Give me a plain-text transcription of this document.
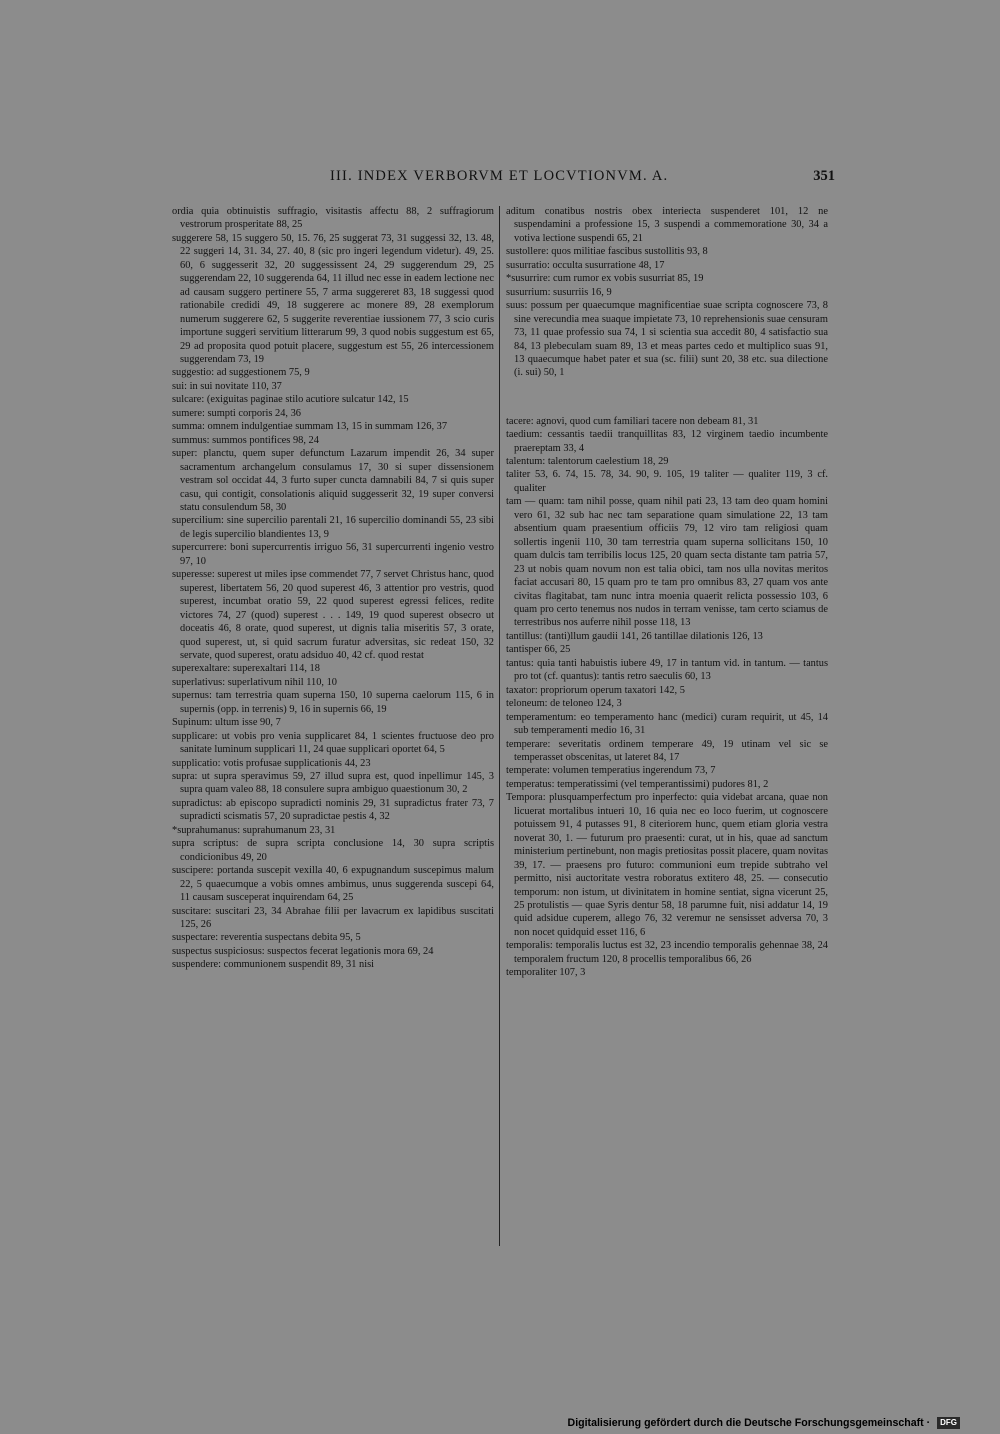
III. INDEX VERBORVM ET LOCVTIONVM. A.	351

ordia quia obtinuistis suffragio, visitastis affectu 88, 2 suffragiorum vestrorum prosperitate 88, 25

suggerere 58, 15 suggero 50, 15. 76, 25 suggerat 73, 31 suggessi 32, 13. 48, 22 suggeri 14, 31. 34, 27. 40, 8 (sic pro ingeri legendum videtur). 49, 25. 60, 6 suggesserit 32, 20 suggessissent 24, 29 suggerendum 29, 25 suggerendam 22, 10 suggerenda 64, 11 illud nec esse in eadem lectione nec ad causam suggero pertinere 55, 7 arma suggereret 83, 18 suggessi quod rationabile credidi 49, 18 suggerere ac monere 89, 28 exemplorum numerum suggerere 62, 5 suggerite reverentiae iussionem 77, 3 scio curis importune suggeri servitium litterarum 99, 3 quod nobis suggestum est 65, 29 ad proposita quod potuit placere, suggestum est 55, 26 intercessionem suggerendam 73, 19

suggestio: ad suggestionem 75, 9

sui: in sui novitate 110, 37

sulcare: (exiguitas paginae stilo acutiore sulcatur 142, 15

sumere: sumpti corporis 24, 36

summa: omnem indulgentiae summam 13, 15 in summam 126, 37

summus: summos pontifices 98, 24

super: planctu, quem super defunctum Lazarum impendit 26, 34 super sacramentum archangelum consulamus 17, 30 si super dissensionem vestram sol occidat 44, 3 furto super cuncta damnabili 84, 7 si quis super casu, qui contigit, consolationis aliquid suggesserit 32, 19 super conversi statu consulendum 58, 30

supercilium: sine supercilio parentali 21, 16 supercilio dominandi 55, 23 sibi de legis supercilio blandientes 13, 9

supercurrere: boni supercurrentis irriguo 56, 31 supercurrenti ingenio vestro 97, 10

superesse: superest ut miles ipse commendet 77, 7 servet Christus hanc, quod superest, libertatem 56, 20 quod superest 46, 3 attentior pro vestris, quod superest, incumbat oratio 59, 22 quod superest egressi felices, redite victores 74, 27 (quod) superest . . . 149, 19 quod superest obsecro ut doceatis 46, 8 orate, quod superest, ut dignis talia miseritis 57, 3 orate, quod superest, ut, si quid sacrum furatur adversitas, sic redeat 150, 32 servate, quod superest, oratu adsiduo 40, 42 cf. quod restat

superexaltare: superexaltari 114, 18

superlativus: superlativum nihil 110, 10

supernus: tam terrestria quam superna 150, 10 superna caelorum 115, 6 in supernis (opp. in terrenis) 9, 16 in supernis 66, 19

Supinum: ultum isse 90, 7

supplicare: ut vobis pro venia supplicaret 84, 1 scientes fructuose deo pro sanitate luminum supplicari 11, 24 quae supplicari oportet 64, 5

supplicatio: votis profusae supplicationis 44, 23

supra: ut supra speravimus 59, 27 illud supra est, quod inpellimur 145, 3 supra quam valeo 88, 18 consulere supra ambiguo quaestionum 30, 2

supradictus: ab episcopo supradicti nominis 29, 31 supradictus frater 73, 7 supradicti scismatis 57, 20 supradictae pestis 4, 32

*suprahumanus: suprahumanum 23, 31

supra scriptus: de supra scripta conclusione 14, 30 supra scriptis condicionibus 49, 20

suscipere: portanda suscepit vexilla 40, 6 expugnandum suscepimus malum 22, 5 quaecumque a vobis omnes ambimus, unus suggerenda suscepi 64, 11 causam susceperat inquirendam 64, 25

suscitare: suscitari 23, 34 Abrahae filii per lavacrum ex lapidibus suscitati 125, 26

suspectare: reverentia suspectans debita 95, 5

suspectus suspiciosus: suspectos fecerat legationis mora 69, 24

suspendere: communionem suspendit 89, 31 nisi

aditum conatibus nostris obex interiecta suspenderet 101, 12 ne suspendamini a professione 15, 3 suspendi a commemoratione 30, 34 a votiva lectione suspendi 65, 21

sustollere: quos militiae fascibus sustollitis 93, 8

susurratio: occulta susurratione 48, 17

*susurrire: cum rumor ex vobis susurriat 85, 19

susurrium: susurriis 16, 9

suus: possum per quaecumque magnificentiae suae scripta cognoscere 73, 8 sine verecundia mea suaque impietate 73, 10 reprehensionis suae censuram 73, 11 quae professio sua 74, 1 si scientia sua accedit 80, 4 satisfactio sua 84, 13 plebeculam suam 89, 13 et meas partes cedo et multiplico suas 91, 13 quaecumque habet pater et sua (sc. filii) sunt 20, 38 etc. sua dilectione (i. sui) 50, 1

tacere: agnovi, quod cum familiari tacere non debeam 81, 31

taedium: cessantis taedii tranquillitas 83, 12 virginem taedio incumbente praereptam 33, 4

talentum: talentorum caelestium 18, 29

taliter 53, 6. 74, 15. 78, 34. 90, 9. 105, 19 taliter — qualiter 119, 3 cf. qualiter

tam — quam: tam nihil posse, quam nihil pati 23, 13 tam deo quam homini vero 61, 32 sub hac nec tam separatione quam simulatione 22, 13 tam absentium quam praesentium officiis 79, 12 viro tam religiosi quam sollertis ingenii 110, 30 tam terrestria quam superna sollicitans 150, 10 quam dulcis tam terribilis locus 125, 20 quam secta distante tam patria 57, 23 ut nobis quam novum non est talia obici, tam nos ulla novitas meritos faciat accusari 80, 15 quam pro te tam pro omnibus 83, 27 quam vos ante civitas flagitabat, tam nunc intra moenia quaerit relicta possessio 103, 6 quam pro certo tenemus nos nudos in terram venisse, tam certo sciamus de terrestribus nos auferre nihil posse 118, 13

tantillus: (tanti)llum gaudii 141, 26 tantillae dilationis 126, 13

tantisper 66, 25

tantus: quia tanti habuistis iubere 49, 17 in tantum vid. in tantum. — tantus pro tot (cf. quantus): tantis retro saeculis 60, 13

taxator: propriorum operum taxatori 142, 5

teloneum: de teloneo 124, 3

temperamentum: eo temperamento hanc (medici) curam requirit, ut 45, 14 sub temperamenti medio 16, 31

temperare: severitatis ordinem temperare 49, 19 utinam vel sic se temperasset obscenitas, ut lateret 84, 17

temperate: volumen temperatius ingerendum 73, 7

temperatus: temperatissimi (vel temperantissimi) pudores 81, 2

Tempora: plusquamperfectum pro inperfecto: quia videbat arcana, quae non licuerat mortalibus intueri 10, 16 quia nec eo loco fuerim, ut cognoscere potuissem 91, 4 putasses 91, 8 citeriorem hunc, quem etiam gloria vestra noverat 30, 1. — futurum pro praesenti: curat, ut in his, quae ad sanctum ministerium pertinebunt, non magis pretiositas possit placere, quam novitas 39, 17. — praesens pro futuro: communioni eum trepide subtraho vel permitto, nisi auctoritate vestra roboratus extitero 48, 25. — consecutio temporum: non istum, ut divinitatem in homine sentiat, signa vicerunt 25, 25 protulistis — quae Syris dentur 58, 18 parumne fuit, nisi addatur 14, 19 quid adsidue cuperem, allego 76, 32 veremur ne sensisset adversa 70, 3 non nocet quidquid esset 116, 6

temporalis: temporalis luctus est 32, 23 incendio temporalis gehennae 38, 24 temporalem fructum 120, 8 procellis temporalibus 66, 26

temporaliter 107, 3

Digitalisierung gefördert durch die Deutsche Forschungsgemeinschaft · DFG
